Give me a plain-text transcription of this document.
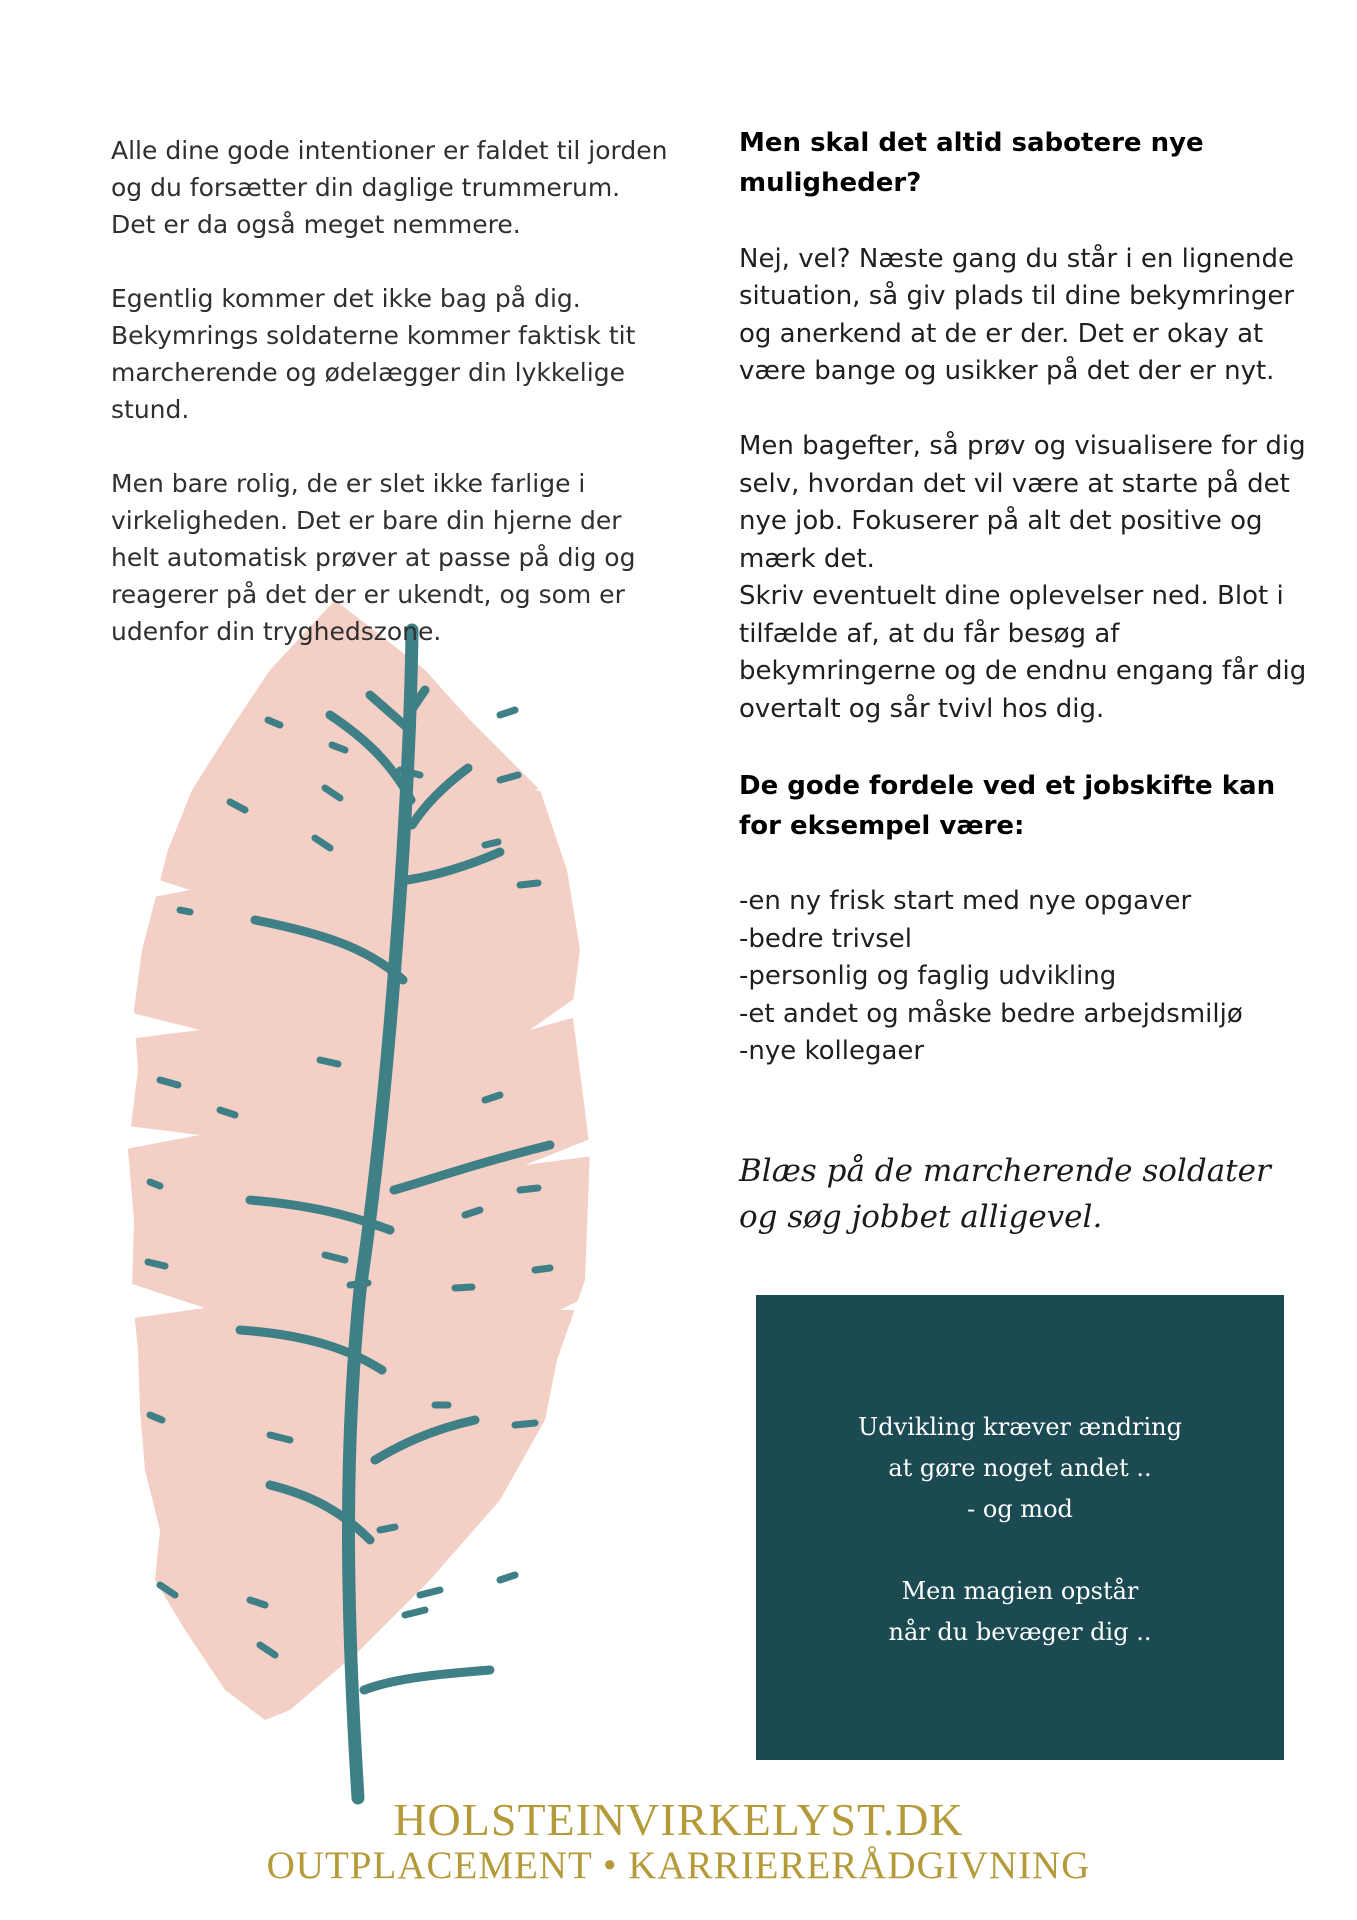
Alle dine gode intentioner er faldet til jorden og du forsætter din daglige trummerum. Det er da også meget nemmere.

Egentlig kommer det ikke bag på dig. Bekymrings soldaterne kommer faktisk tit marcherende og ødelægger din lykkelige stund.

Men bare rolig, de er slet ikke farlige i virkeligheden. Det er bare din hjerne der helt automatisk prøver at passe på dig og reagerer på det der er ukendt, og som er udenfor din tryghedszone.

Men skal det altid sabotere nye muligheder?

Nej, vel? Næste gang du står i en lignende situation, så giv plads til dine bekymringer og anerkend at de er der. Det er okay at være bange og usikker på det der er nyt.

Men bagefter, så prøv og visualisere for dig selv, hvordan det vil være at starte på det nye job. Fokuserer på alt det positive og mærk det.

Skriv eventuelt dine oplevelser ned. Blot i tilfælde af, at du får besøg af bekymringerne og de endnu engang får dig overtalt og sår tvivl hos dig.

De gode fordele ved et jobskifte kan for eksempel være:
-en ny frisk start med nye opgaver
-bedre trivsel
-personlig og faglig udvikling
-et andet og måske bedre arbejdsmiljø
-nye kollegaer
Blæs på de marcherende soldater og søg jobbet alligevel.
Udvikling kræver ændring
at gøre noget andet ..
- og mod
Men magien opstår
når du bevæger dig ..
HOLSTEINVIRKELYST.DK
OUTPLACEMENT • KARRIERERÅDGIVNING
